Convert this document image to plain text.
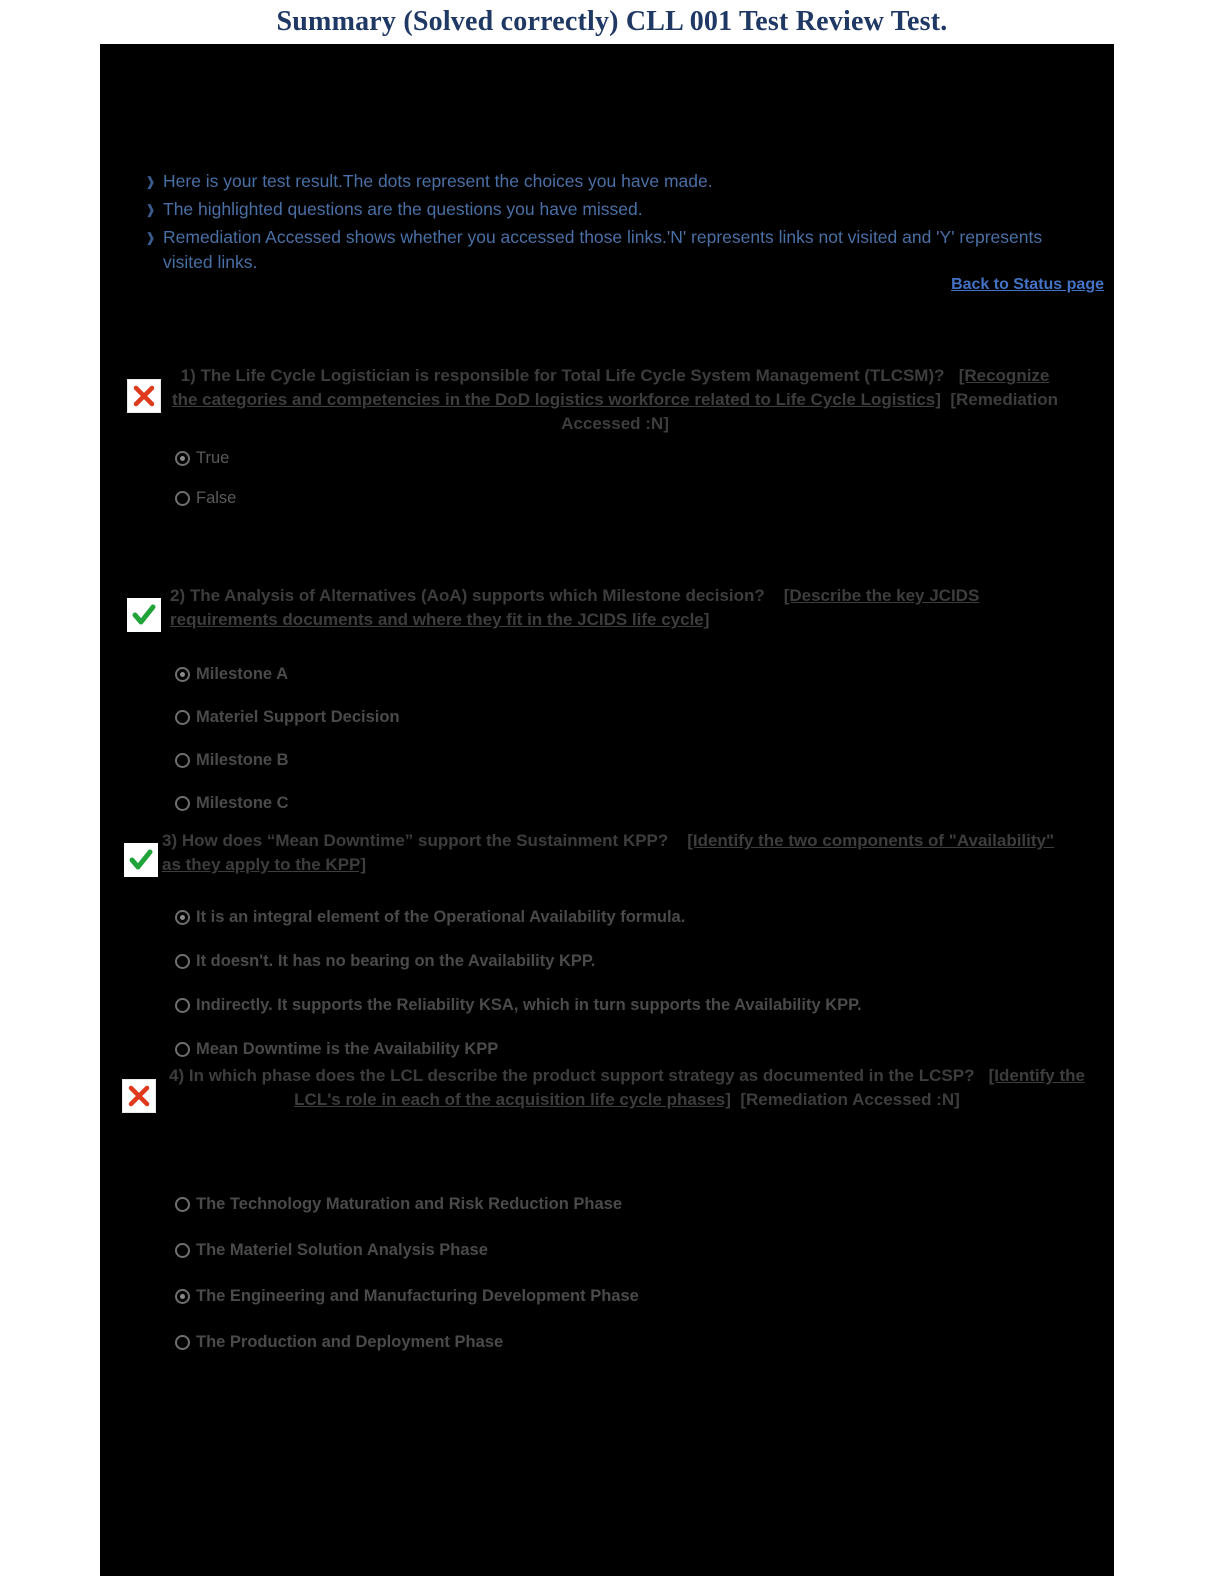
Summary (Solved correctly) CLL 001 Test Review Test.
❱ Here is your test result.The dots represent the choices you have made.
❱ The highlighted questions are the questions you have missed.
❱ Remediation Accessed shows whether you accessed those links.'N' represents links not visited and 'Y' represents visited links.
Back to Status page
1) The Life Cycle Logistician is responsible for Total Life Cycle System Management (TLCSM)? [Recognize the categories and competencies in the DoD logistics workforce related to Life Cycle Logistics] [Remediation Accessed :N]
True
False
2) The Analysis of Alternatives (AoA) supports which Milestone decision? [Describe the key JCIDS requirements documents and where they fit in the JCIDS life cycle]
Milestone A
Materiel Support Decision
Milestone B
Milestone C
3) How does “Mean Downtime” support the Sustainment KPP? [Identify the two components of "Availability" as they apply to the KPP]
It is an integral element of the Operational Availability formula.
It doesn't. It has no bearing on the Availability KPP.
Indirectly. It supports the Reliability KSA, which in turn supports the Availability KPP.
Mean Downtime is the Availability KPP
4) In which phase does the LCL describe the product support strategy as documented in the LCSP? [Identify the LCL's role in each of the acquisition life cycle phases] [Remediation Accessed :N]
The Technology Maturation and Risk Reduction Phase
The Materiel Solution Analysis Phase
The Engineering and Manufacturing Development Phase
The Production and Deployment Phase
